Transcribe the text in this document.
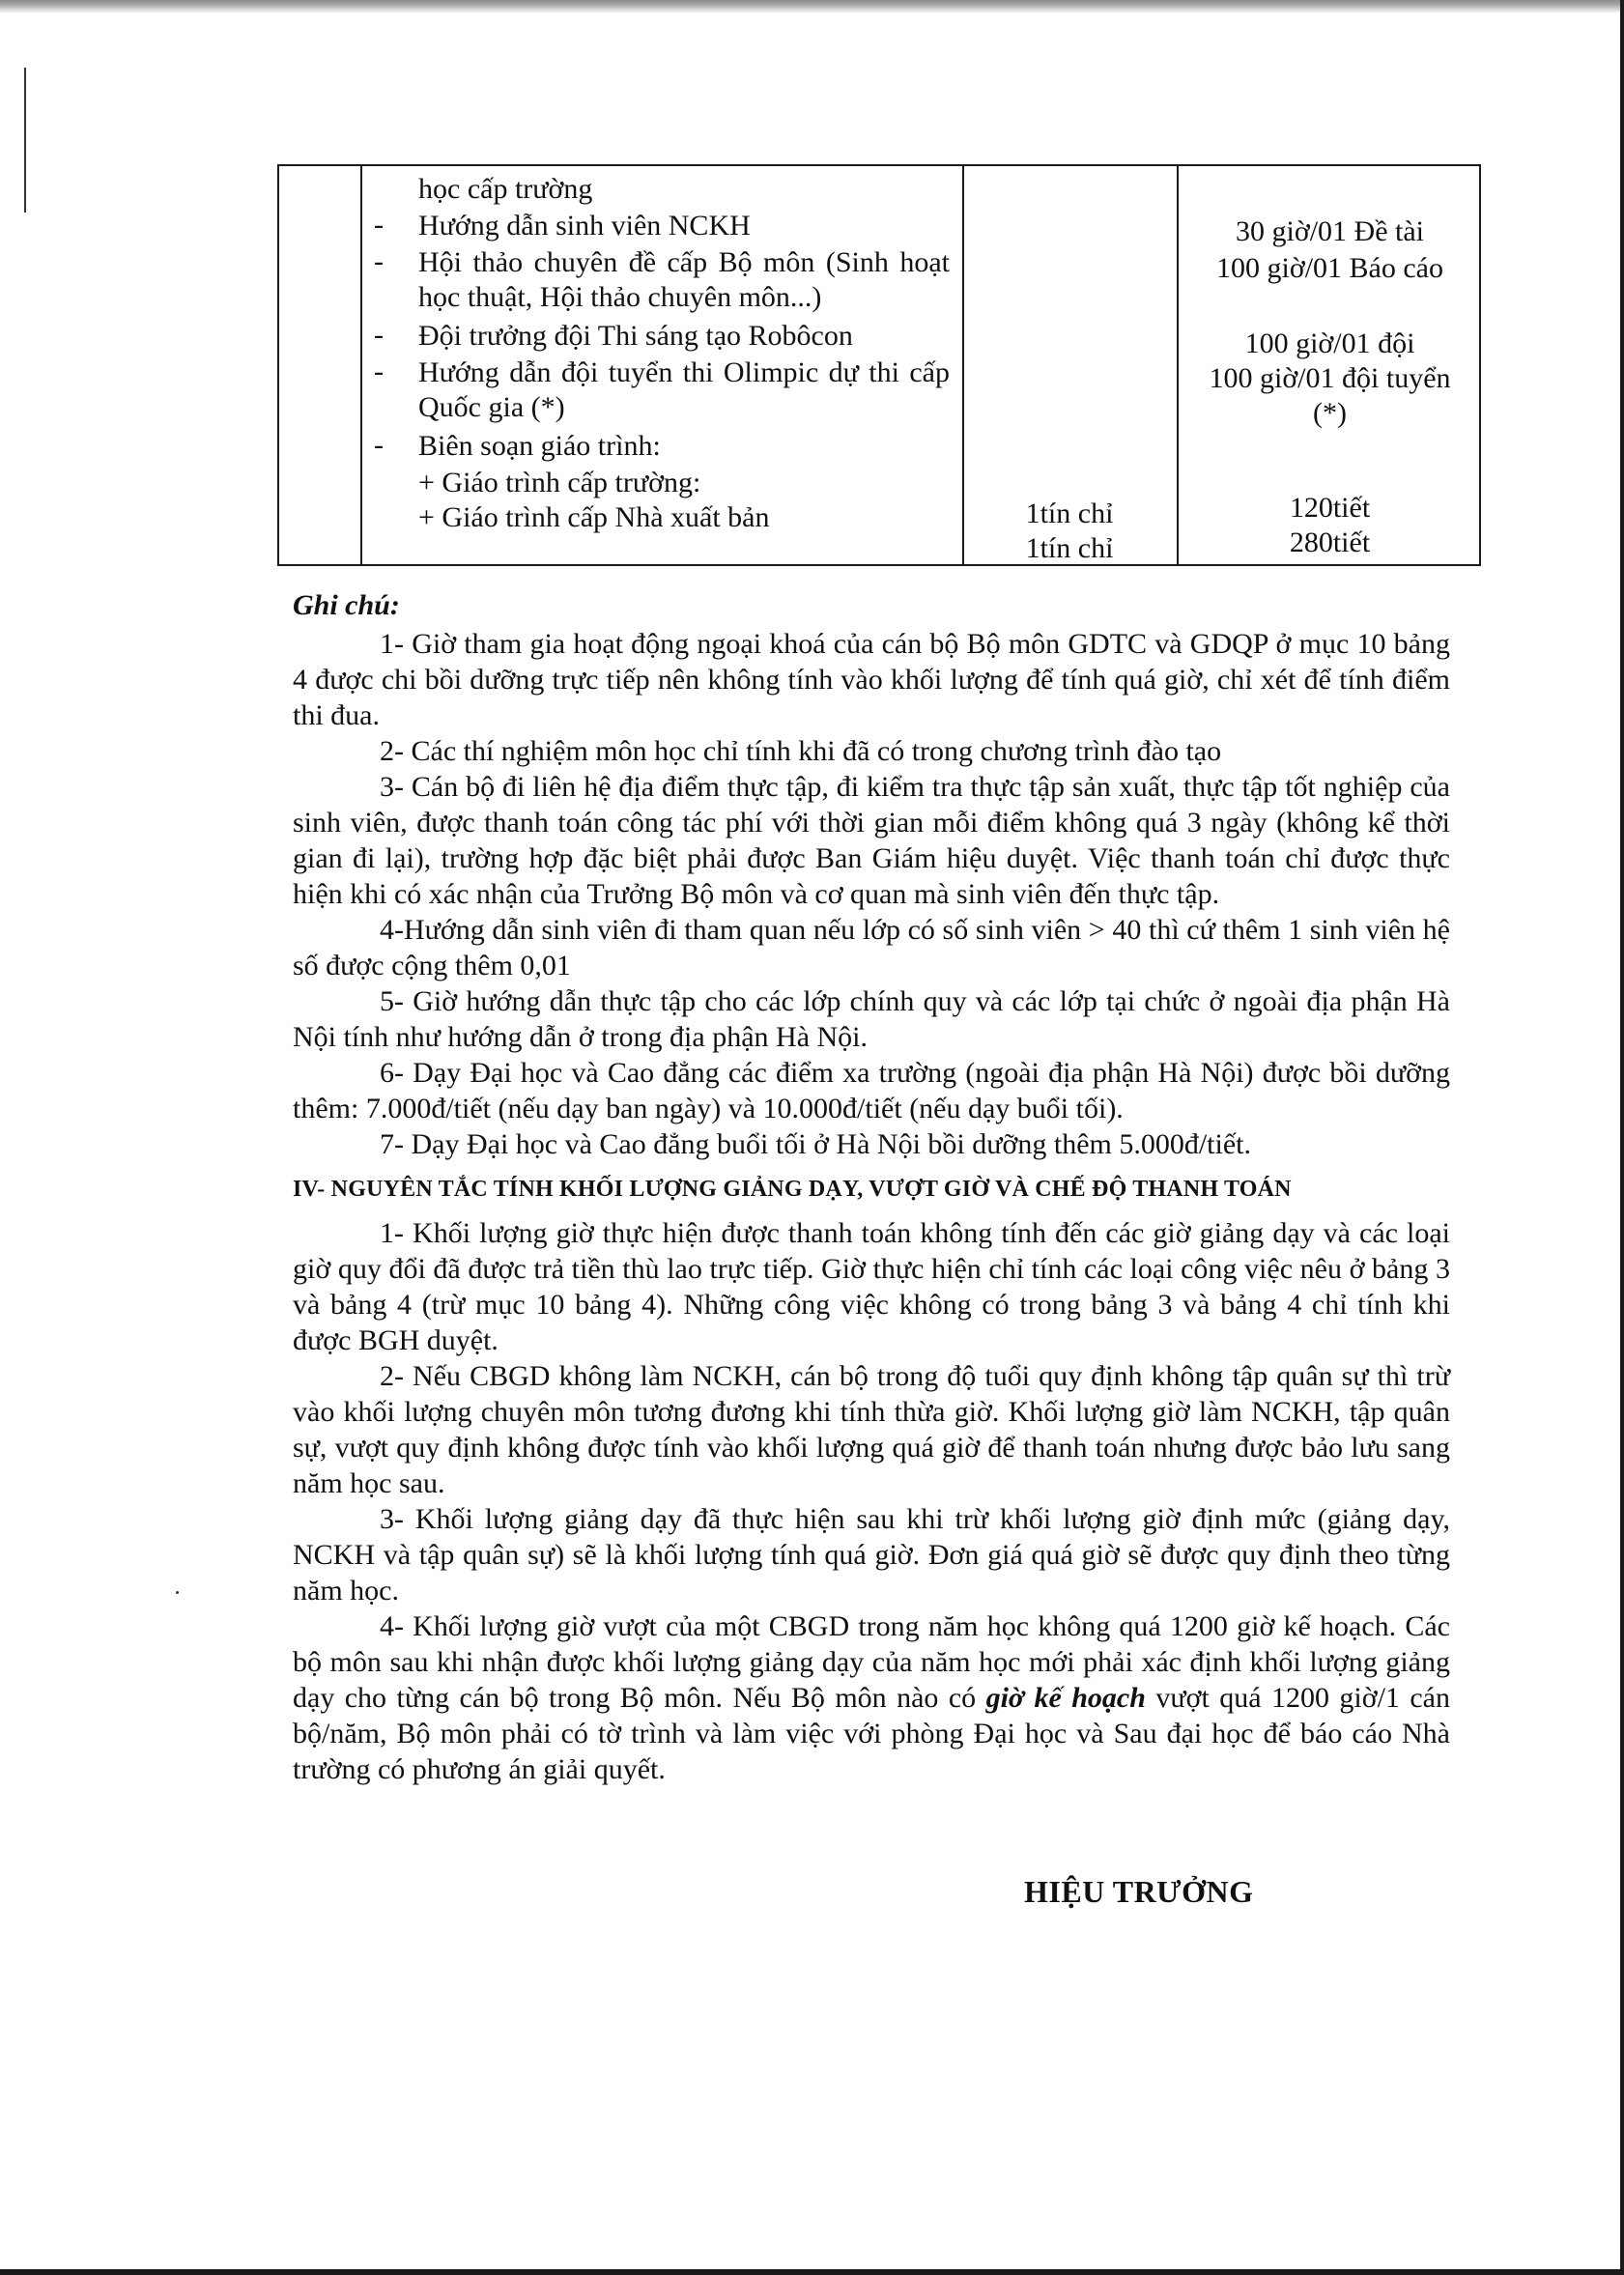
học cấp trường
- Hướng dẫn sinh viên NCKH
- Hội thảo chuyên đề cấp Bộ môn (Sinh hoạt học thuật, Hội thảo chuyên môn...)
- Đội trưởng đội Thi sáng tạo Robôcon
- Hướng dẫn đội tuyển thi Olimpic dự thi cấp Quốc gia (*)
- Biên soạn giáo trình:
+ Giáo trình cấp trường:
+ Giáo trình cấp Nhà xuất bản	1tín chỉ
1tín chỉ
30 giờ/01 Đề tài
100 giờ/01 Báo cáo
100 giờ/01 đội
100 giờ/01 đội tuyển
(*)
120tiết
280tiết
Ghi chú:

1- Giờ tham gia hoạt động ngoại khoá của cán bộ Bộ môn GDTC và GDQP ở mục 10 bảng 4 được chi bồi dưỡng trực tiếp nên không tính vào khối lượng để tính quá giờ, chỉ xét để tính điểm thi đua.

2- Các thí nghiệm môn học chỉ tính khi đã có trong chương trình đào tạo

3- Cán bộ đi liên hệ địa điểm thực tập, đi kiểm tra thực tập sản xuất, thực tập tốt nghiệp của sinh viên, được thanh toán công tác phí với thời gian mỗi điểm không quá 3 ngày (không kể thời gian đi lại), trường hợp đặc biệt phải được Ban Giám hiệu duyệt. Việc thanh toán chỉ được thực hiện khi có xác nhận của Trưởng Bộ môn và cơ quan mà sinh viên đến thực tập.

4-Hướng dẫn sinh viên đi tham quan nếu lớp có số sinh viên > 40 thì cứ thêm 1 sinh viên hệ số được cộng thêm 0,01

5- Giờ hướng dẫn thực tập cho các lớp chính quy và các lớp tại chức ở ngoài địa phận Hà Nội tính như hướng dẫn ở trong địa phận Hà Nội.

6- Dạy Đại học và Cao đẳng các điểm xa trường (ngoài địa phận Hà Nội) được bồi dưỡng thêm: 7.000đ/tiết (nếu dạy ban ngày) và 10.000đ/tiết (nếu dạy buổi tối).

7- Dạy Đại học và Cao đẳng buổi tối ở Hà Nội bồi dưỡng thêm 5.000đ/tiết.

IV- NGUYÊN TẮC TÍNH KHỐI LƯỢNG GIẢNG DẠY, VƯỢT GIỜ VÀ CHẾ ĐỘ THANH TOÁN

1- Khối lượng giờ thực hiện được thanh toán không tính đến các giờ giảng dạy và các loại giờ quy đổi đã được trả tiền thù lao trực tiếp. Giờ thực hiện chỉ tính các loại công việc nêu ở bảng 3 và bảng 4 (trừ mục 10 bảng 4). Những công việc không có trong bảng 3 và bảng 4 chỉ tính khi được BGH duyệt.

2- Nếu CBGD không làm NCKH, cán bộ trong độ tuổi quy định không tập quân sự thì trừ vào khối lượng chuyên môn tương đương khi tính thừa giờ. Khối lượng giờ làm NCKH, tập quân sự, vượt quy định không được tính vào khối lượng quá giờ để thanh toán nhưng được bảo lưu sang năm học sau.

3- Khối lượng giảng dạy đã thực hiện sau khi trừ khối lượng giờ định mức (giảng dạy, NCKH và tập quân sự) sẽ là khối lượng tính quá giờ. Đơn giá quá giờ sẽ được quy định theo từng năm học.

4- Khối lượng giờ vượt của một CBGD trong năm học không quá 1200 giờ kế hoạch. Các bộ môn sau khi nhận được khối lượng giảng dạy của năm học mới phải xác định khối lượng giảng dạy cho từng cán bộ trong Bộ môn. Nếu Bộ môn nào có giờ kế hoạch vượt quá 1200 giờ/1 cán bộ/năm, Bộ môn phải có tờ trình và làm việc với phòng Đại học và Sau đại học để báo cáo Nhà trường có phương án giải quyết.

HIỆU TRƯỞNG
